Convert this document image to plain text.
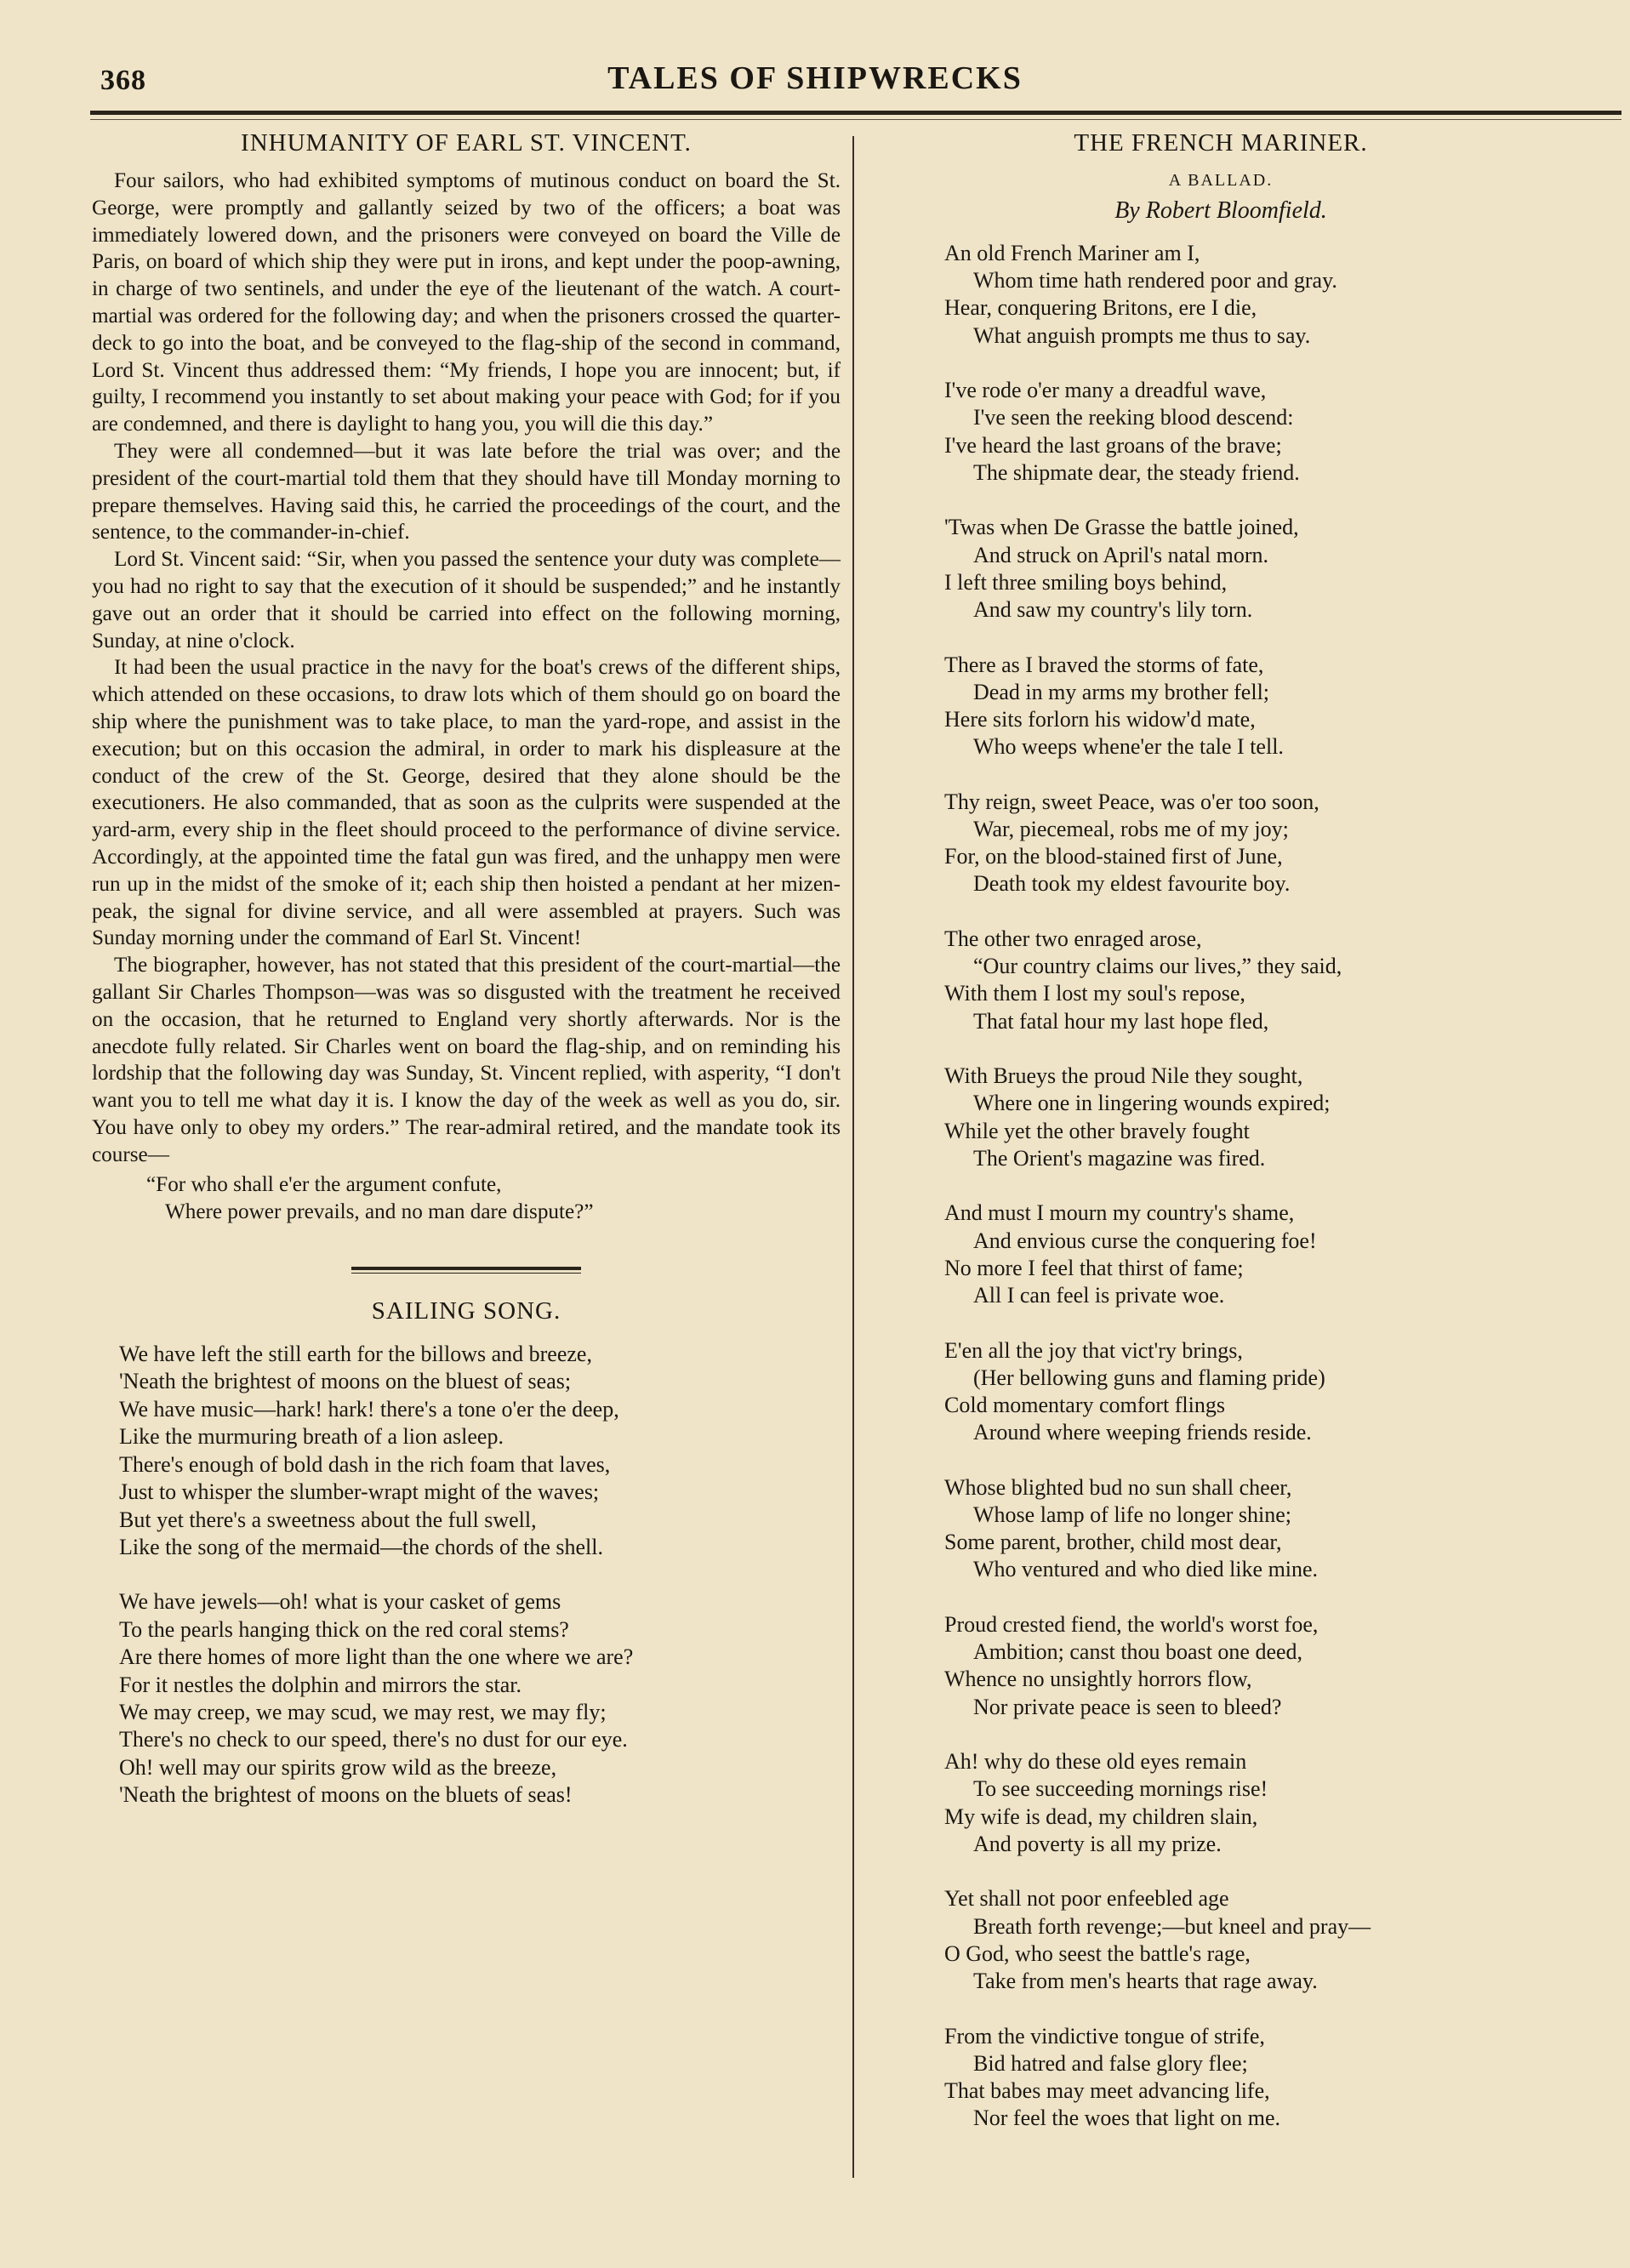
368	TALES OF SHIPWRECKS
INHUMANITY OF EARL ST. VINCENT.

Four sailors, who had exhibited symptoms of mutinous conduct on board the St. George, were promptly and gallantly seized by two of the officers; a boat was immediately lowered down, and the prisoners were conveyed on board the Ville de Paris, on board of which ship they were put in irons, and kept under the poop-awning, in charge of two sentinels, and under the eye of the lieutenant of the watch. A court-martial was ordered for the following day; and when the prisoners crossed the quarter-deck to go into the boat, and be conveyed to the flag-ship of the second in command, Lord St. Vincent thus addressed them: “My friends, I hope you are innocent; but, if guilty, I recommend you instantly to set about making your peace with God; for if you are condemned, and there is daylight to hang you, you will die this day.”

They were all condemned—but it was late before the trial was over; and the president of the court-martial told them that they should have till Monday morning to prepare themselves. Having said this, he carried the proceedings of the court, and the sentence, to the commander-in-chief.

Lord St. Vincent said: “Sir, when you passed the sentence your duty was complete—you had no right to say that the execution of it should be suspended;” and he instantly gave out an order that it should be carried into effect on the following morning, Sunday, at nine o'clock.

It had been the usual practice in the navy for the boat's crews of the different ships, which attended on these occasions, to draw lots which of them should go on board the ship where the punishment was to take place, to man the yard-rope, and assist in the execution; but on this occasion the admiral, in order to mark his displeasure at the conduct of the crew of the St. George, desired that they alone should be the executioners. He also commanded, that as soon as the culprits were suspended at the yard-arm, every ship in the fleet should proceed to the performance of divine service. Accordingly, at the appointed time the fatal gun was fired, and the unhappy men were run up in the midst of the smoke of it; each ship then hoisted a pendant at her mizen-peak, the signal for divine service, and all were assembled at prayers. Such was Sunday morning under the command of Earl St. Vincent!

The biographer, however, has not stated that this president of the court-martial—the gallant Sir Charles Thompson—was was so disgusted with the treatment he received on the occasion, that he returned to England very shortly afterwards. Nor is the anecdote fully related. Sir Charles went on board the flag-ship, and on reminding his lordship that the following day was Sunday, St. Vincent replied, with asperity, “I don't want you to tell me what day it is. I know the day of the week as well as you do, sir. You have only to obey my orders.” The rear-admiral retired, and the mandate took its course—

“For who shall e'er the argument confute,
Where power prevails, and no man dare dispute?”
SAILING SONG.
We have left the still earth for the billows and breeze,
'Neath the brightest of moons on the bluest of seas;
We have music—hark! hark! there's a tone o'er the deep,
Like the murmuring breath of a lion asleep.
There's enough of bold dash in the rich foam that laves,
Just to whisper the slumber-wrapt might of the waves;
But yet there's a sweetness about the full swell,
Like the song of the mermaid—the chords of the shell.
We have jewels—oh! what is your casket of gems
To the pearls hanging thick on the red coral stems?
Are there homes of more light than the one where we are?
For it nestles the dolphin and mirrors the star.
We may creep, we may scud, we may rest, we may fly;
There's no check to our speed, there's no dust for our eye.
Oh! well may our spirits grow wild as the breeze,
'Neath the brightest of moons on the bluets of seas!
THE FRENCH MARINER.
A BALLAD.
By Robert Bloomfield.
An old French Mariner am I,
Whom time hath rendered poor and gray.
Hear, conquering Britons, ere I die,
What anguish prompts me thus to say.
I've rode o'er many a dreadful wave,
I've seen the reeking blood descend:
I've heard the last groans of the brave;
The shipmate dear, the steady friend.
'Twas when De Grasse the battle joined,
And struck on April's natal morn.
I left three smiling boys behind,
And saw my country's lily torn.
There as I braved the storms of fate,
Dead in my arms my brother fell;
Here sits forlorn his widow'd mate,
Who weeps whene'er the tale I tell.
Thy reign, sweet Peace, was o'er too soon,
War, piecemeal, robs me of my joy;
For, on the blood-stained first of June,
Death took my eldest favourite boy.
The other two enraged arose,
“Our country claims our lives,” they said,
With them I lost my soul's repose,
That fatal hour my last hope fled,
With Brueys the proud Nile they sought,
Where one in lingering wounds expired;
While yet the other bravely fought
The Orient's magazine was fired.
And must I mourn my country's shame,
And envious curse the conquering foe!
No more I feel that thirst of fame;
All I can feel is private woe.
E'en all the joy that vict'ry brings,
(Her bellowing guns and flaming pride)
Cold momentary comfort flings
Around where weeping friends reside.
Whose blighted bud no sun shall cheer,
Whose lamp of life no longer shine;
Some parent, brother, child most dear,
Who ventured and who died like mine.
Proud crested fiend, the world's worst foe,
Ambition; canst thou boast one deed,
Whence no unsightly horrors flow,
Nor private peace is seen to bleed?
Ah! why do these old eyes remain
To see succeeding mornings rise!
My wife is dead, my children slain,
And poverty is all my prize.
Yet shall not poor enfeebled age
Breath forth revenge;—but kneel and pray—
O God, who seest the battle's rage,
Take from men's hearts that rage away.
From the vindictive tongue of strife,
Bid hatred and false glory flee;
That babes may meet advancing life,
Nor feel the woes that light on me.
